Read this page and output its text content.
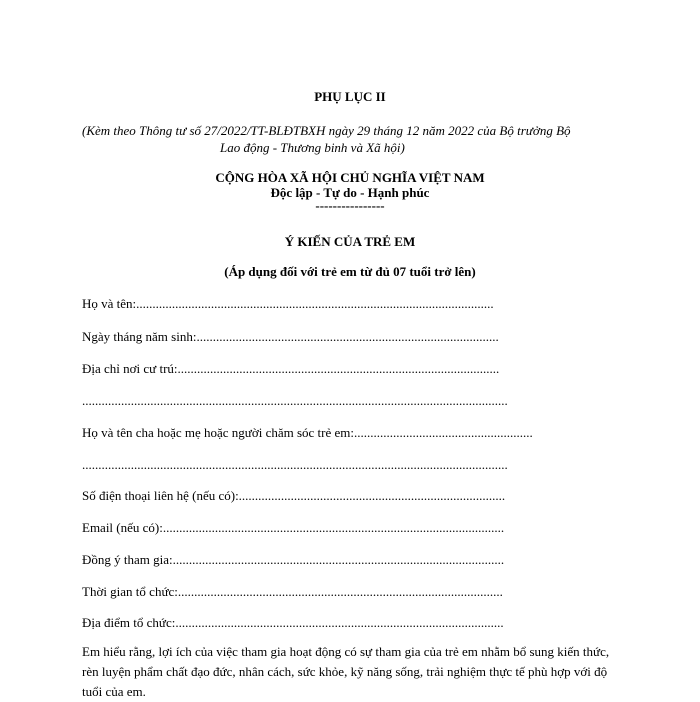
PHỤ LỤC II
(Kèm theo Thông tư số 27/2022/TT-BLĐTBXH ngày 29 tháng 12 năm 2022 của Bộ trưởng Bộ
Lao động - Thương binh và Xã hội)
CỘNG HÒA XÃ HỘI CHỦ NGHĨA VIỆT NAM
Độc lập - Tự do - Hạnh phúc
----------------
Ý KIẾN CỦA TRẺ EM
(Áp dụng đối với trẻ em từ đủ 07 tuổi trở lên)
Họ và tên:..............................................................................................................
Ngày tháng năm sinh:.............................................................................................
Địa chỉ nơi cư trú:...................................................................................................
...................................................................................................................................
Họ và tên cha hoặc mẹ hoặc người chăm sóc trẻ em:.......................................................
...................................................................................................................................
Số điện thoại liên hệ (nếu có):..................................................................................
Email (nếu có):.........................................................................................................
Đồng ý tham gia:......................................................................................................
Thời gian tổ chức:....................................................................................................
Địa điểm tổ chức:.....................................................................................................
Em hiểu rằng, lợi ích của việc tham gia hoạt động có sự tham gia của trẻ em nhằm bổ sung kiến thức, rèn luyện phẩm chất đạo đức, nhân cách, sức khỏe, kỹ năng sống, trải nghiệm thực tế phù hợp với độ tuổi của em.
